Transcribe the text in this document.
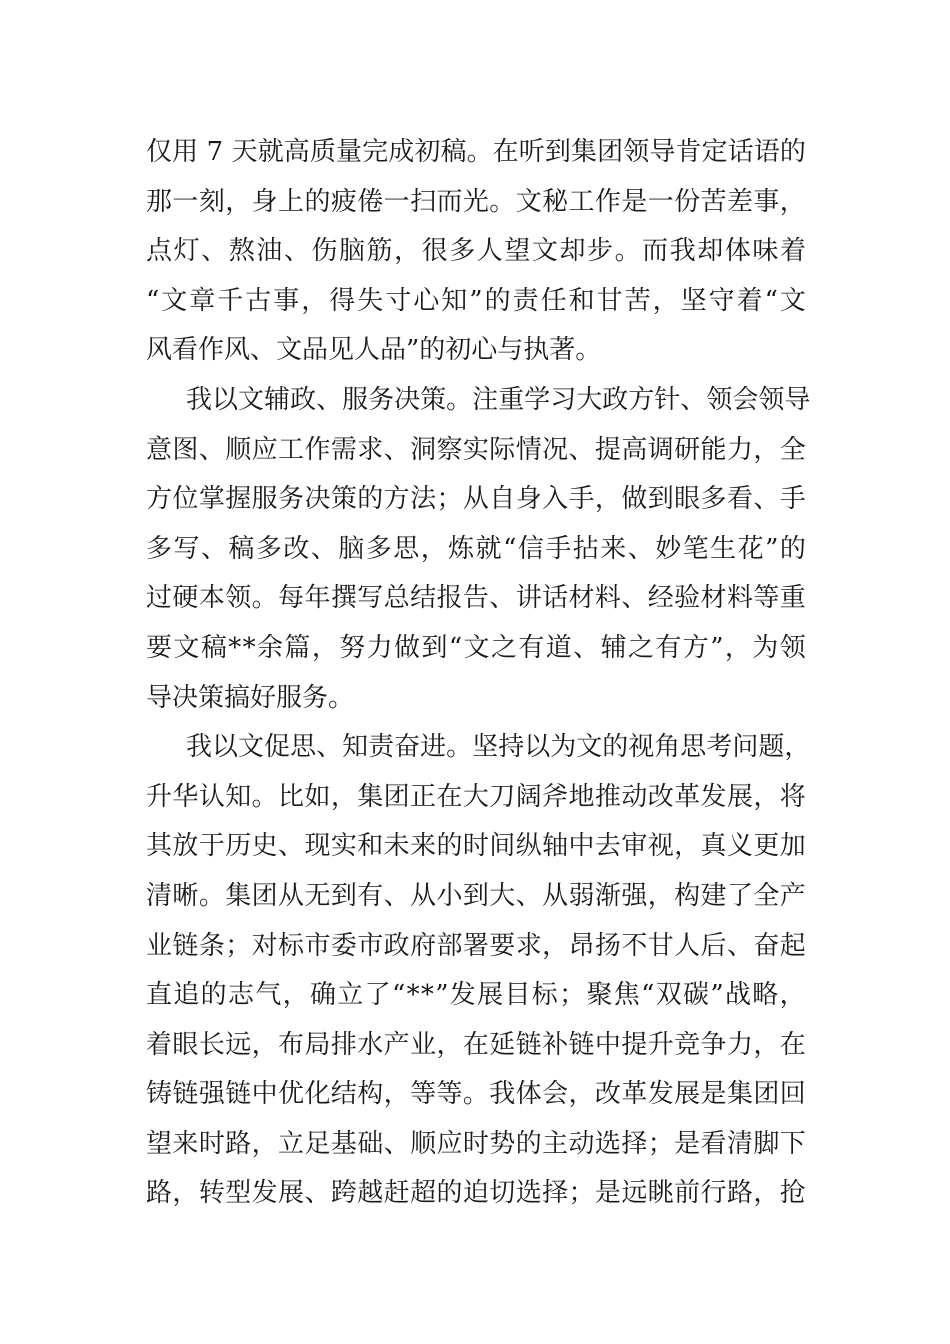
仅 用
7
天 就 高 质 量 完 成 初 稿 。 在 听 到 集 团 领 导 肯 定 话 语 的
那 一 刻 ， 身 上 的 疲 倦 一 扫 而 光 。 文 秘 工 作 是 一 份 苦 差 事 ，
点 灯 、 熬 油 、 伤 脑 筋 ， 很 多 人 望 文 却 步 。 而 我 却 体 味 着
“ 文 章 千 古 事 ， 得 失 寸 心 知 ” 的 责 任 和 甘 苦 ， 坚 守 着 “ 文
风看作风、文品见人品”的初心与执著。
我 以 文 辅 政 、 服 务 决 策 。 注 重 学 习 大 政 方 针 、 领 会 领 导
意 图 、 顺 应 工 作 需 求 、 洞 察 实 际 情 况 、 提 高 调 研 能 力 ， 全
方 位 掌 握 服 务 决 策 的 方 法 ； 从 自 身 入 手 ， 做 到 眼 多 看 、 手
多 写 、 稿 多 改 、 脑 多 思 ， 炼 就 “ 信 手 拈 来 、 妙 笔 生 花 ” 的
过 硬 本 领 。 每 年 撰 写 总 结 报 告 、 讲 话 材 料 、 经 验 材 料 等 重
要 文 稿 * * 余 篇 ， 努 力 做 到 “ 文 之 有 道 、 辅 之 有 方 ” ， 为 领
导决策搞好服务。
我 以 文 促 思 、 知 责 奋 进 。 坚 持 以 为 文 的 视 角 思 考 问 题 ，
升 华 认 知 。 比 如 ， 集 团 正 在 大 刀 阔 斧 地 推 动 改 革 发 展 ， 将
其 放 于 历 史 、 现 实 和 未 来 的 时 间 纵 轴 中 去 审 视 ， 真 义 更 加
清 晰 。 集 团 从 无 到 有 、 从 小 到 大 、 从 弱 渐 强 ， 构 建 了 全 产
业 链 条 ； 对 标 市 委 市 政 府 部 署 要 求 ， 昂 扬 不 甘 人 后 、 奋 起
直 追 的 志 气 ， 确 立 了 “ * * ” 发 展 目 标 ； 聚 焦 “ 双 碳 ” 战 略 ，
着 眼 长 远 ， 布 局 排 水 产 业 ， 在 延 链 补 链 中 提 升 竞 争 力 ， 在
铸 链 强 链 中 优 化 结 构 ， 等 等 。 我 体 会 ， 改 革 发 展 是 集 团 回
望 来 时 路 ， 立 足 基 础 、 顺 应 时 势 的 主 动 选 择 ； 是 看 清 脚 下
路 ， 转 型 发 展 、 跨 越 赶 超 的 迫 切 选 择 ； 是 远 眺 前 行 路 ， 抢
